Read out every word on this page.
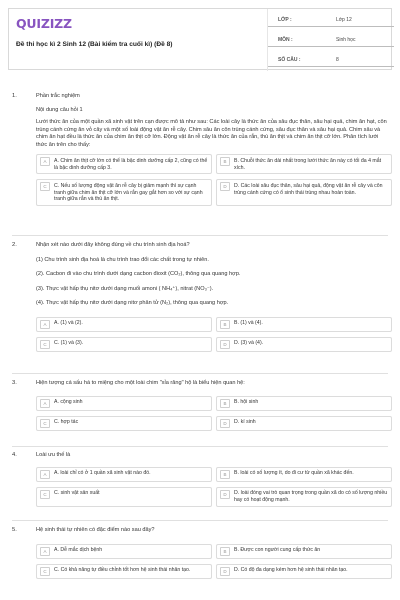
QUIZIZZ
Đề thi học kì 2 Sinh 12 (Bài kiểm tra cuối kì) (Đề 8)
LỚP :	Lớp 12
MÔN :	Sinh học
SỐ CÂU :	8
1.	Phần trắc nghiệm
Nội dung câu hỏi 1
Lưới thức ăn của một quần xã sinh vật trên cạn được mô tả như sau: Các loài cây là thức ăn của sâu đục thân, sâu hại quả, chim ăn hạt, côn trùng cánh cứng ăn vỏ cây và một số loài động vật ăn rễ cây. Chim sâu ăn côn trùng cánh cứng, sâu đục thân và sâu hại quả. Chim sâu và chim ăn hạt đều là thức ăn của chim ăn thịt cỡ lớn. Động vật ăn rễ cây là thức ăn của rắn, thú ăn thịt và chim ăn thịt cỡ lớn. Phân tích lưới thức ăn trên cho thấy:
A	A. Chim ăn thịt cỡ lớn có thể là bậc dinh dưỡng cấp 2, cũng có thể là bậc dinh dưỡng cấp 3.
B	B. Chuỗi thức ăn dài nhất trong lưới thức ăn này có tối đa 4 mắt xích.
C	C. Nếu số lượng động vật ăn rễ cây bị giảm mạnh thì sự cạnh tranh giữa chim ăn thịt cỡ lớn và rắn gay gắt hơn so với sự cạnh tranh giữa rắn và thú ăn thịt.
D	D. Các loài sâu đục thân, sâu hại quả, động vật ăn rễ cây và côn trùng cánh cứng có ổ sinh thái trùng nhau hoàn toàn.
2.	Nhận xét nào dưới đây không đúng về chu trình sinh địa hoá?
(1) Chu trình sinh địa hoá là chu trình trao đổi các chất trong tự nhiên.
(2). Cacbon đi vào chu trình dưới dạng cacbon đioxit (CO₂), thông qua quang hợp.
(3). Thực vật hấp thụ nitơ dưới dạng muối amoni ( NH₄⁺), nitrat (NO₃⁻).
(4). Thực vật hấp thụ nitơ dưới dạng nitơ phân tử (N₂), thông qua quang hợp.
A	A. (1) và (2).	B	B. (1) và (4).
C	C. (1) và (3).	D	D. (3) và (4).
3.	Hiện tượng cá sấu há to miệng cho một loài chim "xỉa răng" hộ là biểu hiện quan hệ:
A	A. cộng sinh	B	B. hội sinh
C	C. hợp tác	D	D. kí sinh
4.	Loài ưu thế là
A	A. loài chỉ có ở 1 quần xã sinh vật nào đó.	B	B. loài có số lượng ít, do đi cư từ quần xã khác đến.
C	C. sinh vật sản xuất	D	D. loài đóng vai trò quan trọng trong quần xã do có số lượng nhiều hay có hoạt động mạnh.
5.	Hệ sinh thái tự nhiên có đặc điểm nào sau đây?
A	A. Dễ mắc dịch bệnh	B	B. Được con người cung cấp thức ăn
C	C. Có khả năng tự điều chỉnh tốt hơn hệ sinh thái nhân tạo.	D	D. Có độ đa dạng kém hơn hệ sinh thái nhân tạo.
